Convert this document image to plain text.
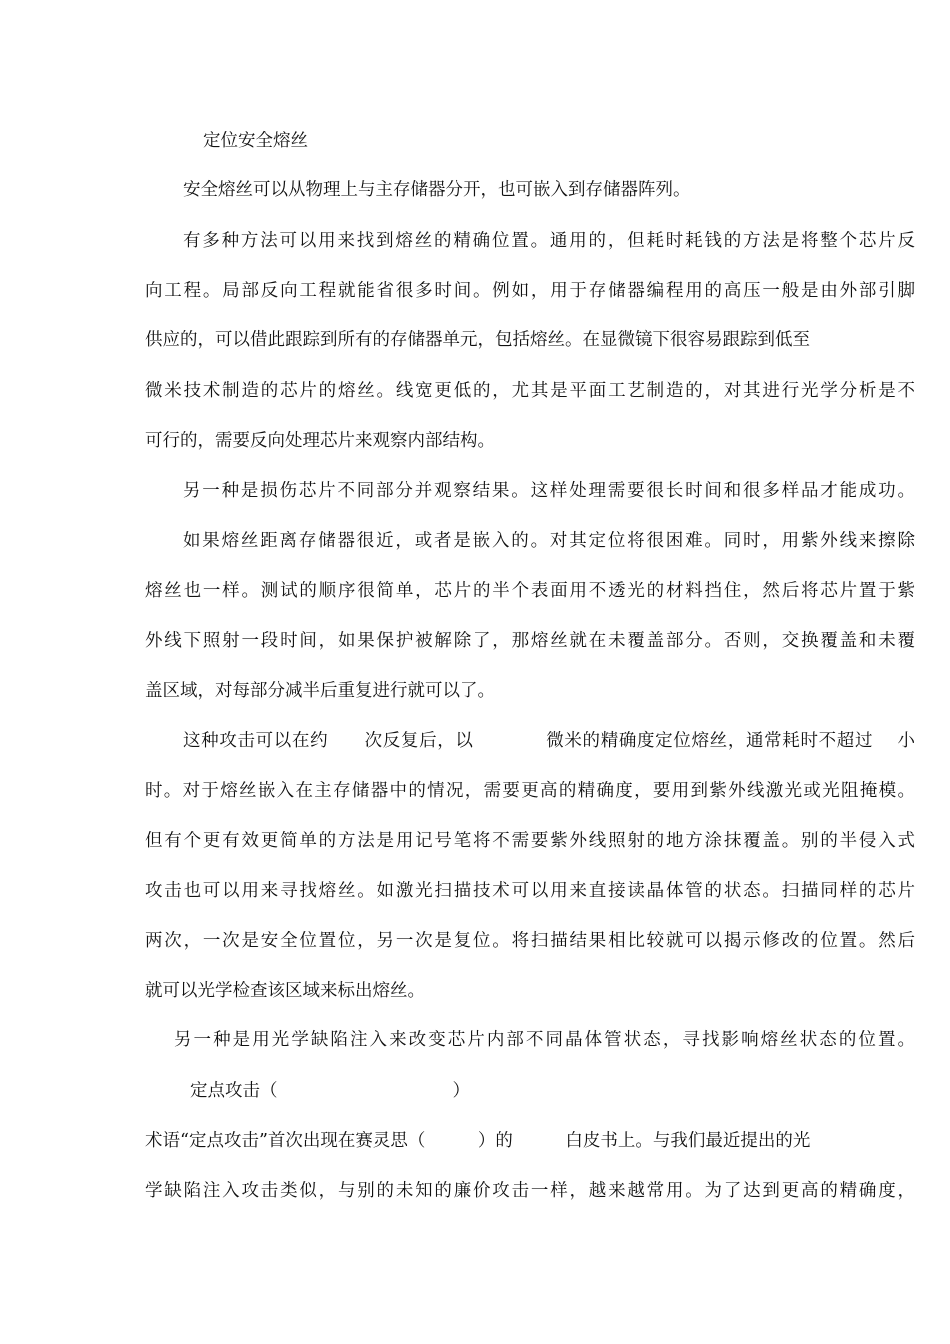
定位安全熔丝
安全熔丝可以从物理上与主存储器分开，也可嵌入到存储器阵列。
有多种方法可以用来找到熔丝的精确位置。通用的，但耗时耗钱的方法是将整个芯片反
向工程。局部反向工程就能省很多时间。例如，用于存储器编程用的高压一般是由外部引脚
供应的，可以借此跟踪到所有的存储器单元，包括熔丝。在显微镜下很容易跟踪到低至
微米技术制造的芯片的熔丝。线宽更低的，尤其是平面工艺制造的，对其进行光学分析是不
可行的，需要反向处理芯片来观察内部结构。
另一种是损伤芯片不同部分并观察结果。这样处理需要很长时间和很多样品才能成功。
如果熔丝距离存储器很近，或者是嵌入的。对其定位将很困难。同时，用紫外线来擦除
熔丝也一样。测试的顺序很简单，芯片的半个表面用不透光的材料挡住，然后将芯片置于紫
外线下照射一段时间，如果保护被解除了，那熔丝就在未覆盖部分。否则，交换覆盖和未覆
盖区域，对每部分减半后重复进行就可以了。
这种攻击可以在约　　次反复后，以　　　　微米的精确度定位熔丝，通常耗时不超过　 小
时。对于熔丝嵌入在主存储器中的情况，需要更高的精确度，要用到紫外线激光或光阻掩模。
但有个更有效更简单的方法是用记号笔将不需要紫外线照射的地方涂抹覆盖。别的半侵入式
攻击也可以用来寻找熔丝。如激光扫描技术可以用来直接读晶体管的状态。扫描同样的芯片
两次，一次是安全位置位，另一次是复位。将扫描结果相比较就可以揭示修改的位置。然后
就可以光学检查该区域来标出熔丝。
另一种是用光学缺陷注入来改变芯片内部不同晶体管状态，寻找影响熔丝状态的位置。
定点攻击（　　　　　　　　　　）
术语“定点攻击”首次出现在赛灵思（　　　）的　　　白皮书上。与我们最近提出的光
学缺陷注入攻击类似，与别的未知的廉价攻击一样，越来越常用。为了达到更高的精确度，
